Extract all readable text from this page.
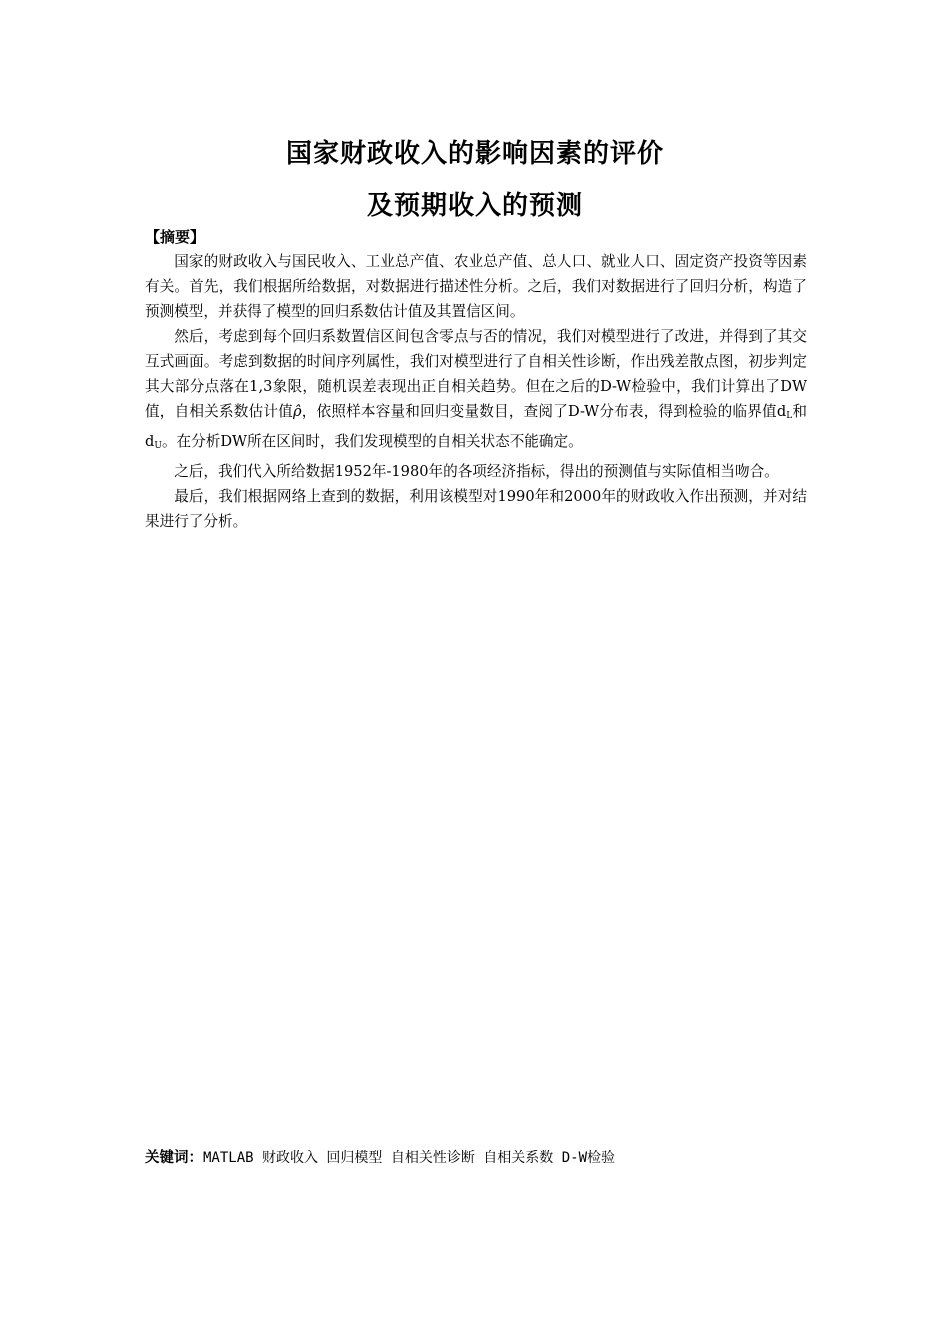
国家财政收入的影响因素的评价
及预期收入的预测
【摘要】

国家的财政收入与国民收入、工业总产值、农业总产值、总人口、就业人口、固定资产投资等因素有关。首先，我们根据所给数据，对数据进行描述性分析。之后，我们对数据进行了回归分析，构造了预测模型，并获得了模型的回归系数估计值及其置信区间。

然后，考虑到每个回归系数置信区间包含零点与否的情况，我们对模型进行了改进，并得到了其交互式画面。考虑到数据的时间序列属性，我们对模型进行了自相关性诊断，作出残差散点图，初步判定其大部分点落在1,3象限，随机误差表现出正自相关趋势。但在之后的D-W检验中，我们计算出了DW值，自相关系数估计值ρ̂，依照样本容量和回归变量数目，查阅了D-W分布表，得到检验的临界值$d_L$和$d_U$。在分析DW所在区间时，我们发现模型的自相关状态不能确定。

之后，我们代入所给数据1952年-1980年的各项经济指标，得出的预测值与实际值相当吻合。

最后，我们根据网络上查到的数据，利用该模型对1990年和2000年的财政收入作出预测，并对结果进行了分析。

关键词：MATLAB 财政收入 回归模型 自相关性诊断 自相关系数 D-W检验
